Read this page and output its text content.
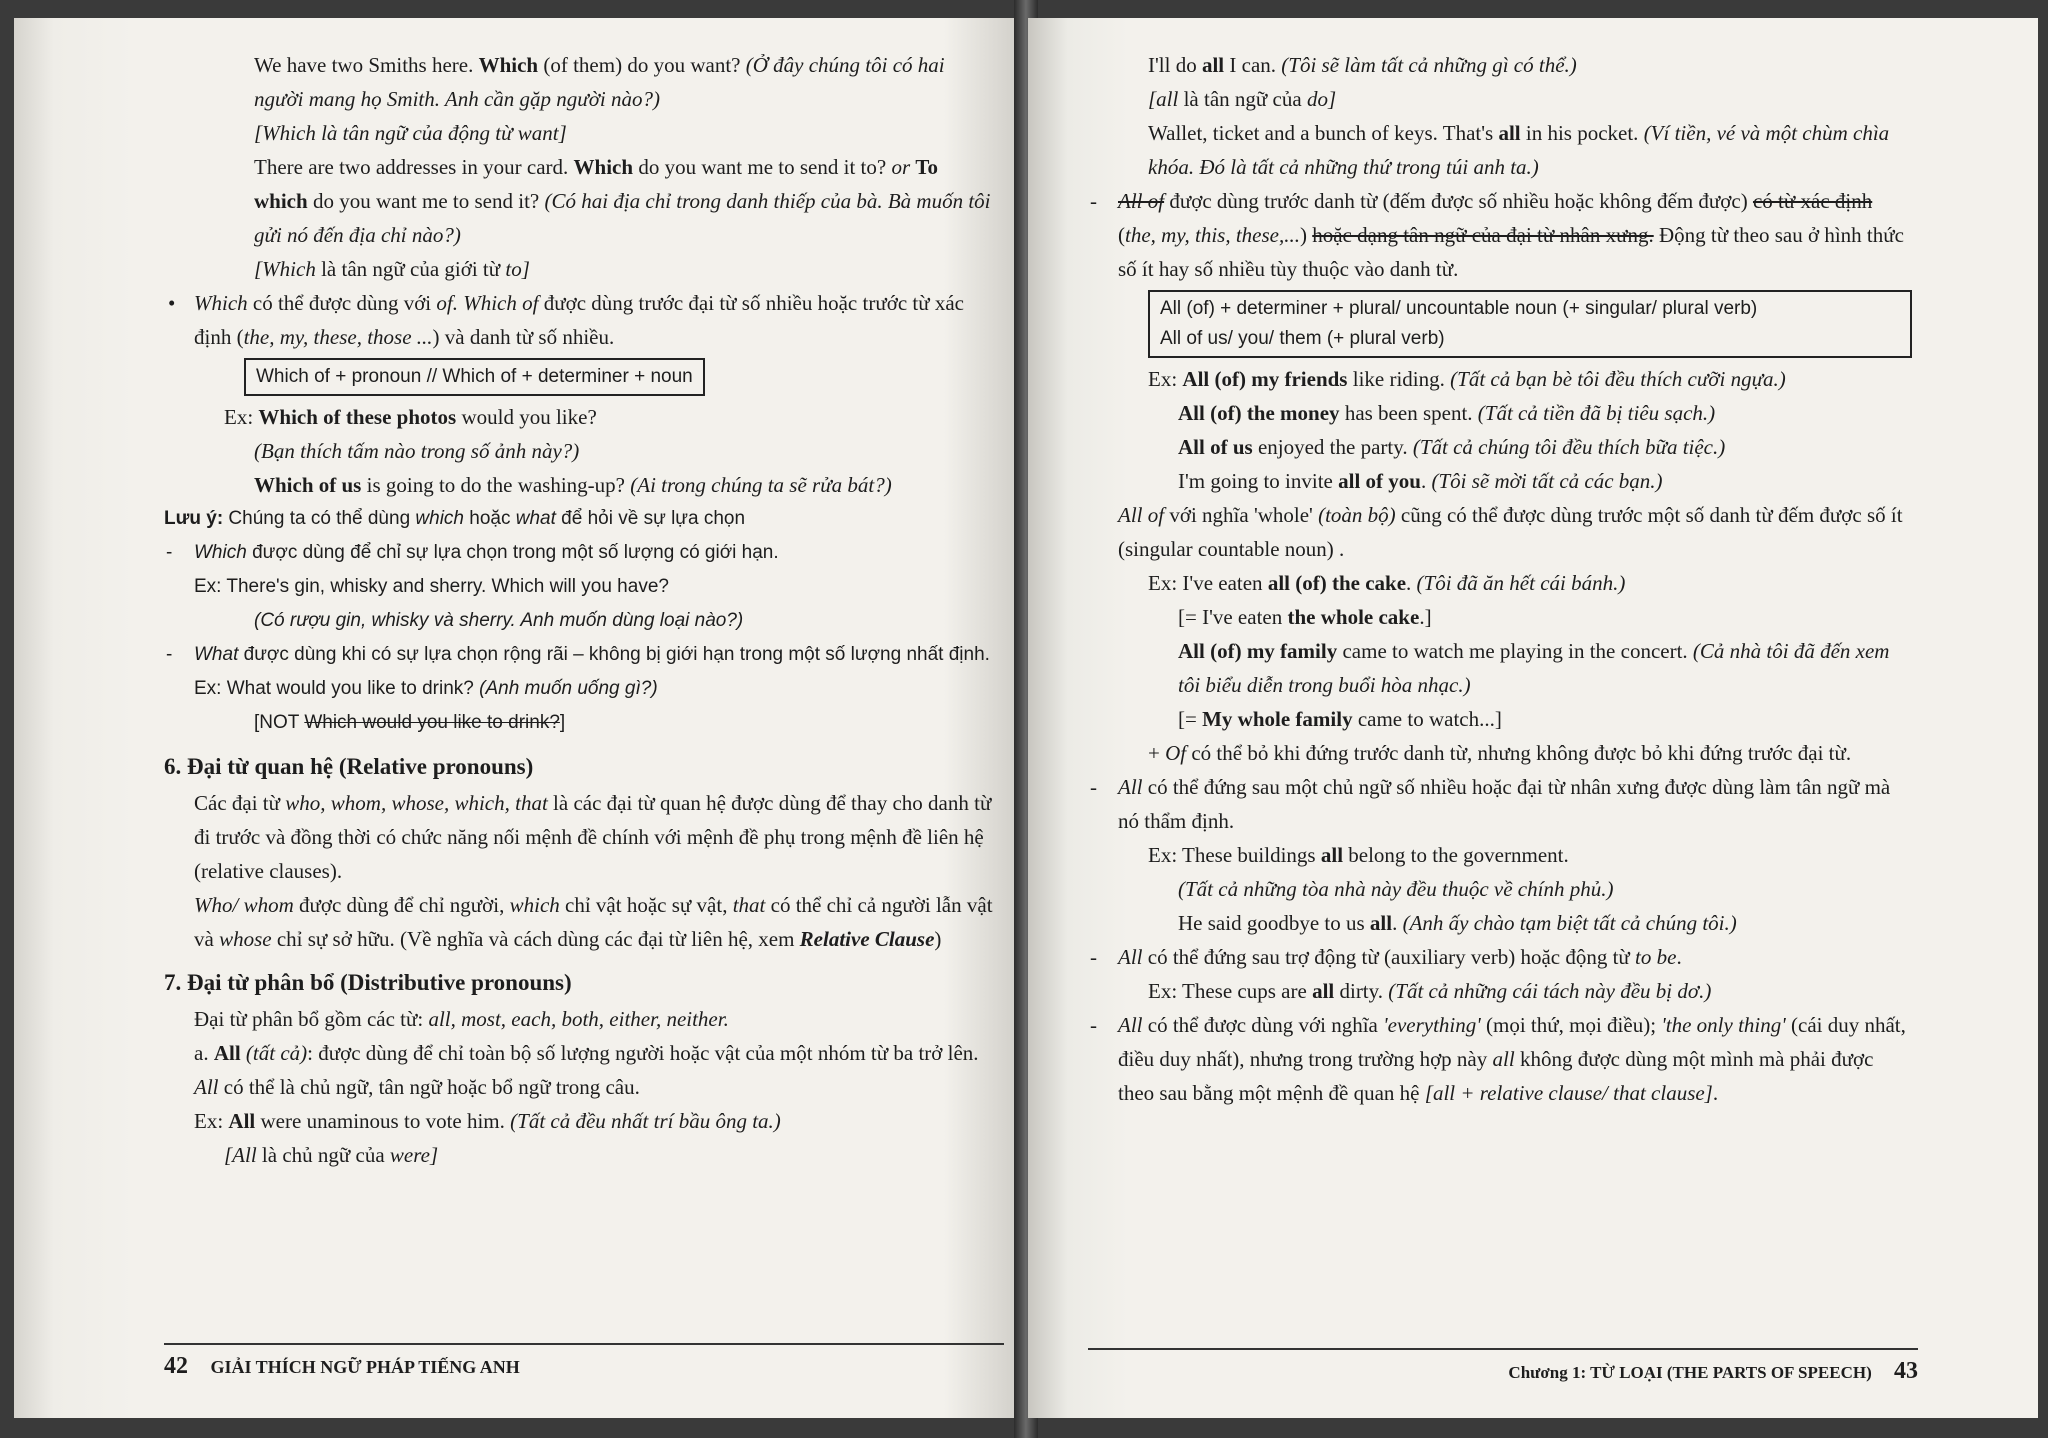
We have two Smiths here. Which (of them) do you want? (Ở đây chúng tôi có hai người mang họ Smith. Anh cần gặp người nào?)

[Which là tân ngữ của động từ want]

There are two addresses in your card. Which do you want me to send it to? or To which do you want me to send it? (Có hai địa chỉ trong danh thiếp của bà. Bà muốn tôi gửi nó đến địa chỉ nào?)

[Which là tân ngữ của giới từ to]

• Which có thể được dùng với of. Which of được dùng trước đại từ số nhiều hoặc trước từ xác định (the, my, these, those ...) và danh từ số nhiều.

Which of + pronoun // Which of + determiner + noun

Ex: Which of these photos would you like?

(Bạn thích tấm nào trong số ảnh này?)

Which of us is going to do the washing-up? (Ai trong chúng ta sẽ rửa bát?)

Lưu ý: Chúng ta có thể dùng which hoặc what để hỏi về sự lựa chọn

- Which được dùng để chỉ sự lựa chọn trong một số lượng có giới hạn.

Ex: There's gin, whisky and sherry. Which will you have?

(Có rượu gin, whisky và sherry. Anh muốn dùng loại nào?)

- What được dùng khi có sự lựa chọn rộng rãi – không bị giới hạn trong một số lượng nhất định.

Ex: What would you like to drink? (Anh muốn uống gì?)

[NOT Which would you like to drink?]

6. Đại từ quan hệ (Relative pronouns)

Các đại từ who, whom, whose, which, that là các đại từ quan hệ được dùng để thay cho danh từ đi trước và đồng thời có chức năng nối mệnh đề chính với mệnh đề phụ trong mệnh đề liên hệ (relative clauses).

Who/ whom được dùng để chỉ người, which chỉ vật hoặc sự vật, that có thể chỉ cả người lẫn vật và whose chỉ sự sở hữu. (Về nghĩa và cách dùng các đại từ liên hệ, xem Relative Clause)

7. Đại từ phân bổ (Distributive pronouns)

Đại từ phân bổ gồm các từ: all, most, each, both, either, neither.

a. All (tất cả): được dùng để chỉ toàn bộ số lượng người hoặc vật của một nhóm từ ba trở lên. All có thể là chủ ngữ, tân ngữ hoặc bổ ngữ trong câu.

Ex: All were unaminous to vote him. (Tất cả đều nhất trí bầu ông ta.)

[All là chủ ngữ của were]

42 GIẢI THÍCH NGỮ PHÁP TIẾNG ANH

I'll do all I can. (Tôi sẽ làm tất cả những gì có thể.)

[all là tân ngữ của do]

Wallet, ticket and a bunch of keys. That's all in his pocket. (Ví tiền, vé và một chùm chìa khóa. Đó là tất cả những thứ trong túi anh ta.)

- All of được dùng trước danh từ (đếm được số nhiều hoặc không đếm được) có từ xác định (the, my, this, these,...) hoặc dạng tân ngữ của đại từ nhân xưng. Động từ theo sau ở hình thức số ít hay số nhiều tùy thuộc vào danh từ.

All (of) + determiner + plural/ uncountable noun (+ singular/ plural verb)
All of us/ you/ them (+ plural verb)

Ex: All (of) my friends like riding. (Tất cả bạn bè tôi đều thích cưỡi ngựa.)

All (of) the money has been spent. (Tất cả tiền đã bị tiêu sạch.)

All of us enjoyed the party. (Tất cả chúng tôi đều thích bữa tiệc.)

I'm going to invite all of you. (Tôi sẽ mời tất cả các bạn.)

All of với nghĩa 'whole' (toàn bộ) cũng có thể được dùng trước một số danh từ đếm được số ít (singular countable noun) .

Ex: I've eaten all (of) the cake. (Tôi đã ăn hết cái bánh.)

[= I've eaten the whole cake.]

All (of) my family came to watch me playing in the concert. (Cả nhà tôi đã đến xem tôi biểu diễn trong buổi hòa nhạc.)

[= My whole family came to watch...]

+ Of có thể bỏ khi đứng trước danh từ, nhưng không được bỏ khi đứng trước đại từ.

- All có thể đứng sau một chủ ngữ số nhiều hoặc đại từ nhân xưng được dùng làm tân ngữ mà nó thẩm định.

Ex: These buildings all belong to the government.

(Tất cả những tòa nhà này đều thuộc về chính phủ.)

He said goodbye to us all. (Anh ấy chào tạm biệt tất cả chúng tôi.)

- All có thể đứng sau trợ động từ (auxiliary verb) hoặc động từ to be.

Ex: These cups are all dirty. (Tất cả những cái tách này đều bị dơ.)

- All có thể được dùng với nghĩa 'everything' (mọi thứ, mọi điều); 'the only thing' (cái duy nhất, điều duy nhất), nhưng trong trường hợp này all không được dùng một mình mà phải được theo sau bằng một mệnh đề quan hệ [all + relative clause/ that clause].

Chương 1: TỪ LOẠI (THE PARTS OF SPEECH) 43
